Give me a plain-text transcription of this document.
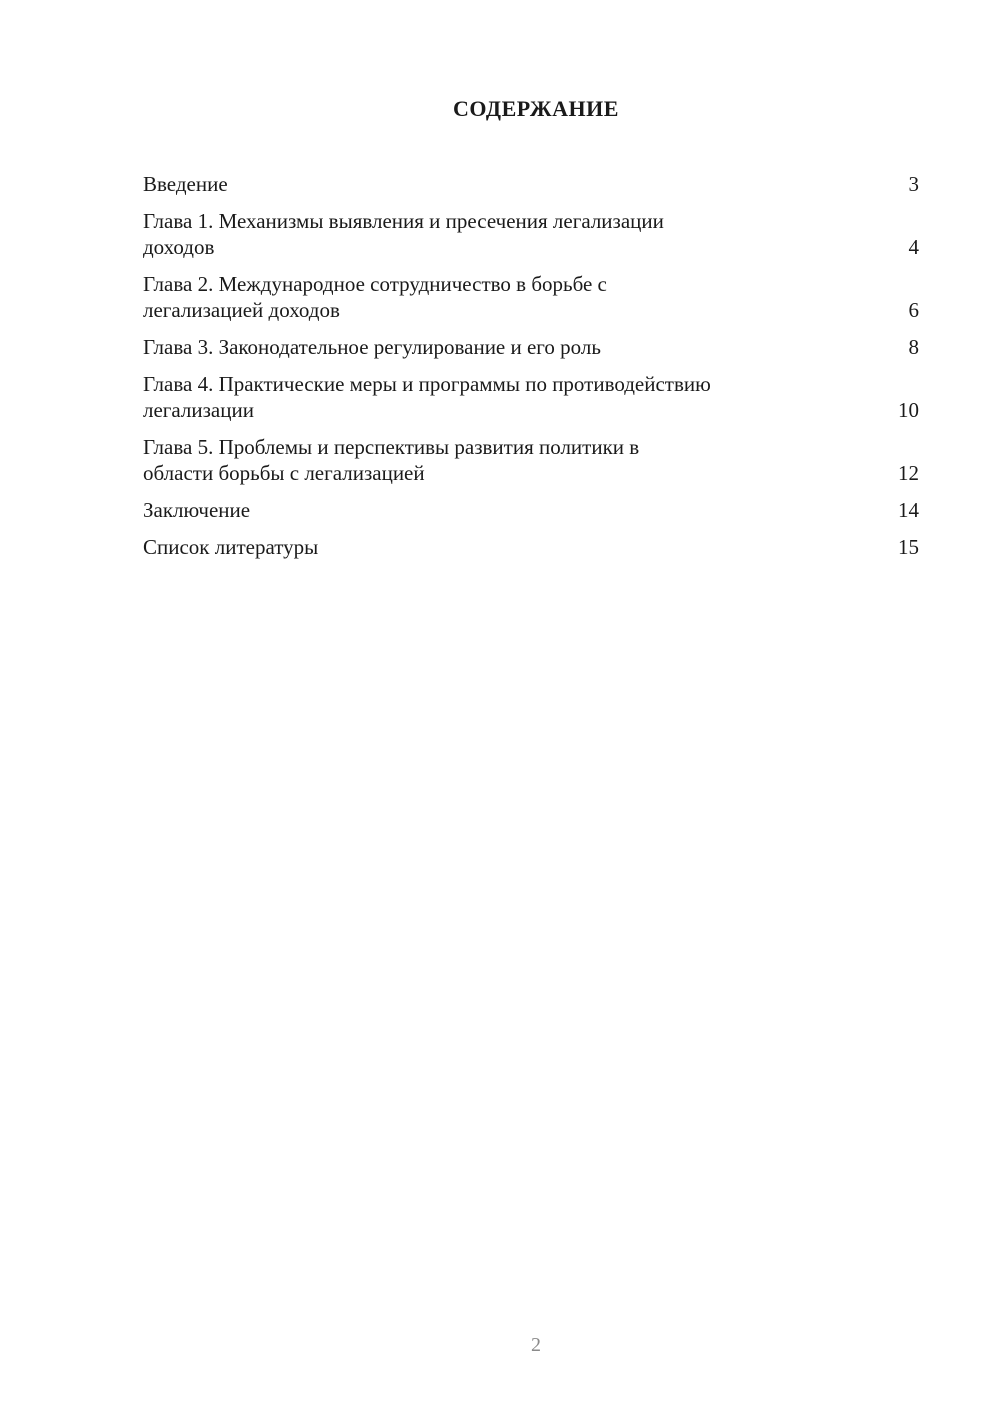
СОДЕРЖАНИЕ
Введение	3
Глава 1. Механизмы выявления и пресечения легализации
доходов	4
Глава 2. Международное сотрудничество в борьбе с
легализацией доходов	6
Глава 3. Законодательное регулирование и его роль	8
Глава 4. Практические меры и программы по противодействию
легализации	10
Глава 5. Проблемы и перспективы развития политики в
области борьбы с легализацией	12
Заключение	14
Список литературы	15
2
